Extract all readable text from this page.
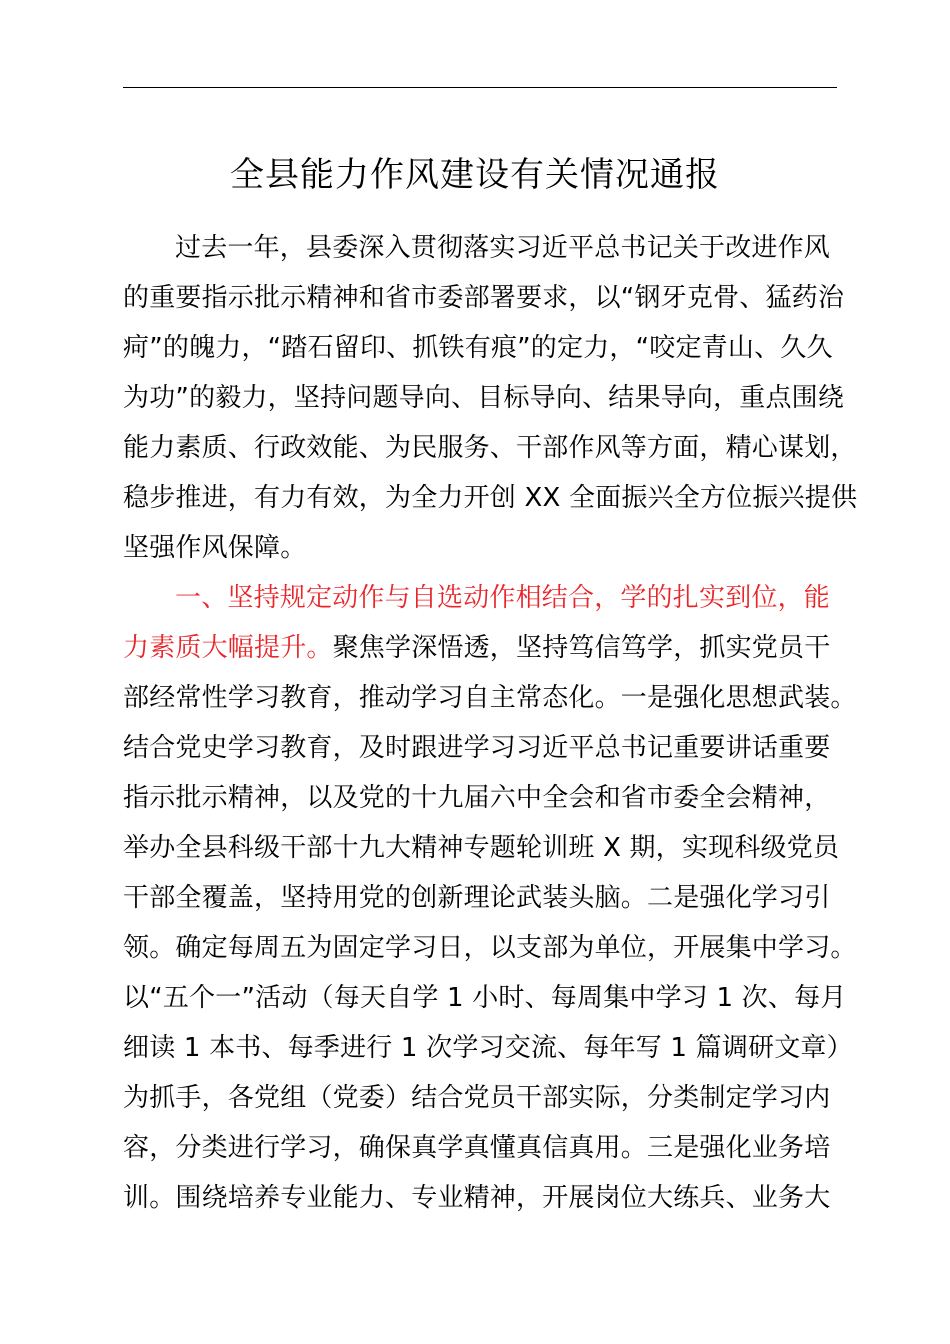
全县能力作风建设有关情况通报
过去一年，县委深入贯彻落实习近平总书记关于改进作风
的重要指示批示精神和省市委部署要求，以“钢牙克骨、猛药治
疴”的魄力，“踏石留印、抓铁有痕”的定力，“咬定青山、久久
为功”的毅力，坚持问题导向、目标导向、结果导向，重点围绕
能力素质、行政效能、为民服务、干部作风等方面，精心谋划，
稳步推进，有力有效，为全力开创 XX 全面振兴全方位振兴提供
坚强作风保障。
一、坚持规定动作与自选动作相结合，学的扎实到位，能
力素质大幅提升。聚焦学深悟透，坚持笃信笃学，抓实党员干
部经常性学习教育，推动学习自主常态化。一是强化思想武装。
结合党史学习教育，及时跟进学习习近平总书记重要讲话重要
指示批示精神，以及党的十九届六中全会和省市委全会精神，
举办全县科级干部十九大精神专题轮训班 X 期，实现科级党员
干部全覆盖，坚持用党的创新理论武装头脑。二是强化学习引
领。确定每周五为固定学习日，以支部为单位，开展集中学习。
以“五个一”活动（每天自学 1 小时、每周集中学习 1 次、每月
细读 1 本书、每季进行 1 次学习交流、每年写 1 篇调研文章）
为抓手，各党组（党委）结合党员干部实际，分类制定学习内
容，分类进行学习，确保真学真懂真信真用。三是强化业务培
训。围绕培养专业能力、专业精神，开展岗位大练兵、业务大
